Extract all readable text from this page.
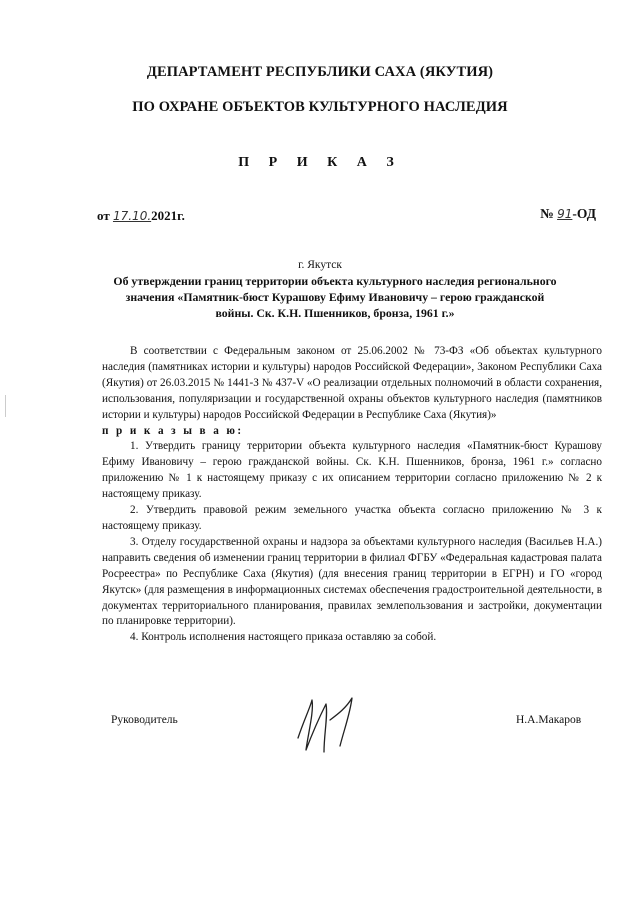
ДЕПАРТАМЕНТ РЕСПУБЛИКИ САХА (ЯКУТИЯ)
ПО ОХРАНЕ ОБЪЕКТОВ КУЛЬТУРНОГО НАСЛЕДИЯ
П Р И К А З
от 17.10.2021г.	№ 91-ОД
г. Якутск
Об утверждении границ территории объекта культурного наследия регионального значения «Памятник-бюст Курашову Ефиму Ивановичу – герою гражданской войны. Ск. К.Н. Пшенников, бронза, 1961 г.»

В соответствии с Федеральным законом от 25.06.2002 № 73-ФЗ «Об объектах культурного наследия (памятниках истории и культуры) народов Российской Федерации», Законом Республики Саха (Якутия) от 26.03.2015 № 1441-З № 437-V «О реализации отдельных полномочий в области сохранения, использования, популяризации и государственной охраны объектов культурного наследия (памятников истории и культуры) народов Российской Федерации в Республике Саха (Якутия)»

п р и к а з ы в а ю:

1. Утвердить границу территории объекта культурного наследия «Памятник-бюст Курашову Ефиму Ивановичу – герою гражданской войны. Ск. К.Н. Пшенников, бронза, 1961 г.» согласно приложению № 1 к настоящему приказу с их описанием территории согласно приложению № 2 к настоящему приказу.

2. Утвердить правовой режим земельного участка объекта согласно приложению № 3 к настоящему приказу.

3. Отделу государственной охраны и надзора за объектами культурного наследия (Васильев Н.А.) направить сведения об изменении границ территории в филиал ФГБУ «Федеральная кадастровая палата Росреестра» по Республике Саха (Якутия) (для внесения границ территории в ЕГРН) и ГО «город Якутск» (для размещения в информационных системах обеспечения градостроительной деятельности, в документах территориального планирования, правилах землепользования и застройки, документации по планировке территории).

4. Контроль исполнения настоящего приказа оставляю за собой.

Руководитель	Н.А.Макаров
